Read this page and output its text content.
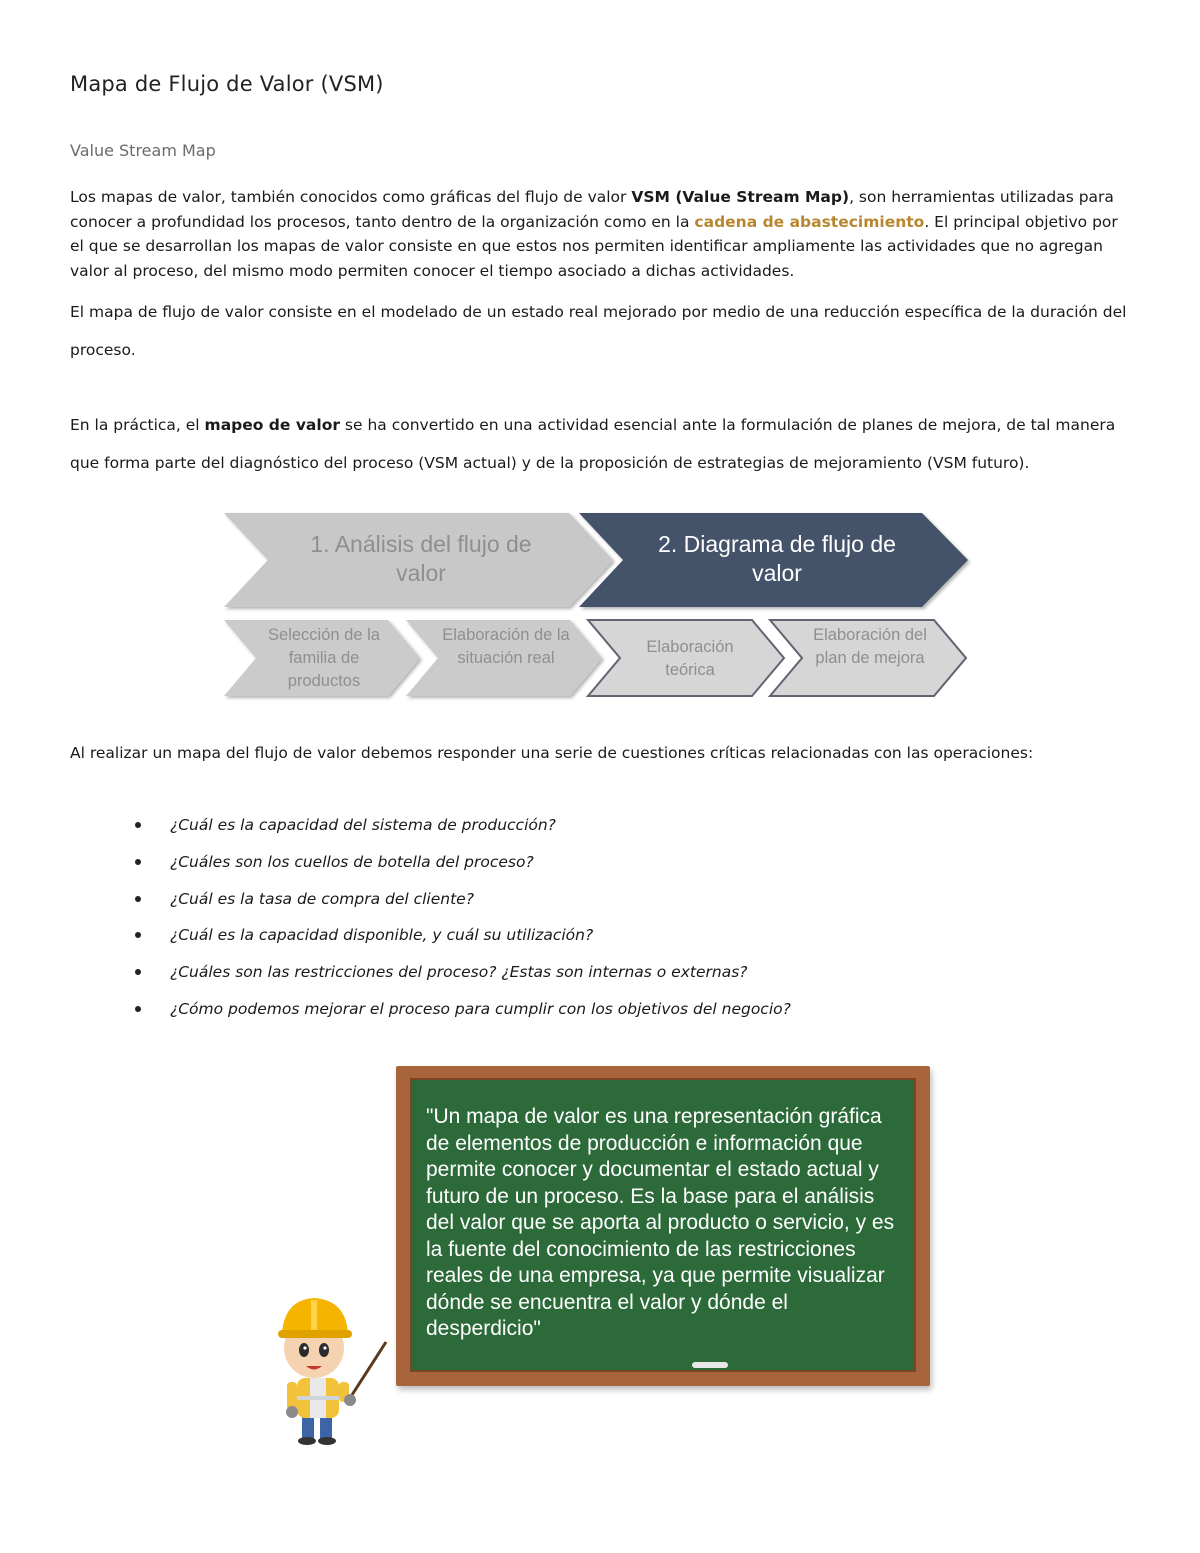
Mapa de Flujo de Valor (VSM)

Value Stream Map

Los mapas de valor, también conocidos como gráficas del flujo de valor VSM (Value Stream Map), son herramientas utilizadas para conocer a profundidad los procesos, tanto dentro de la organización como en la cadena de abastecimiento. El principal objetivo por el que se desarrollan los mapas de valor consiste en que estos nos permiten identificar ampliamente las actividades que no agregan valor al proceso, del mismo modo permiten conocer el tiempo asociado a dichas actividades.

El mapa de flujo de valor consiste en el modelado de un estado real mejorado por medio de una reducción específica de la duración del proceso.

En la práctica, el mapeo de valor se ha convertido en una actividad esencial ante la formulación de planes de mejora, de tal manera que forma parte del diagnóstico del proceso (VSM actual) y de la proposición de estrategias de mejoramiento (VSM futuro).

1. Análisis del flujo de valor
2. Diagrama de flujo de valor
Selección de la familia de productos
Elaboración de la situación real
Elaboración teórica
Elaboración del plan de mejora

Al realizar un mapa del flujo de valor debemos responder una serie de cuestiones críticas relacionadas con las operaciones:

¿Cuál es la capacidad del sistema de producción?
¿Cuáles son los cuellos de botella del proceso?
¿Cuál es la tasa de compra del cliente?
¿Cuál es la capacidad disponible, y cuál su utilización?
¿Cuáles son las restricciones del proceso? ¿Estas son internas o externas?
¿Cómo podemos mejorar el proceso para cumplir con los objetivos del negocio?

"Un mapa de valor es una representación gráfica de elementos de producción e información que permite conocer y documentar el estado actual y futuro de un proceso. Es la base para el análisis del valor que se aporta al producto o servicio, y es la fuente del conocimiento de las restricciones reales de una empresa, ya que permite visualizar dónde se encuentra el valor y dónde el desperdicio"
